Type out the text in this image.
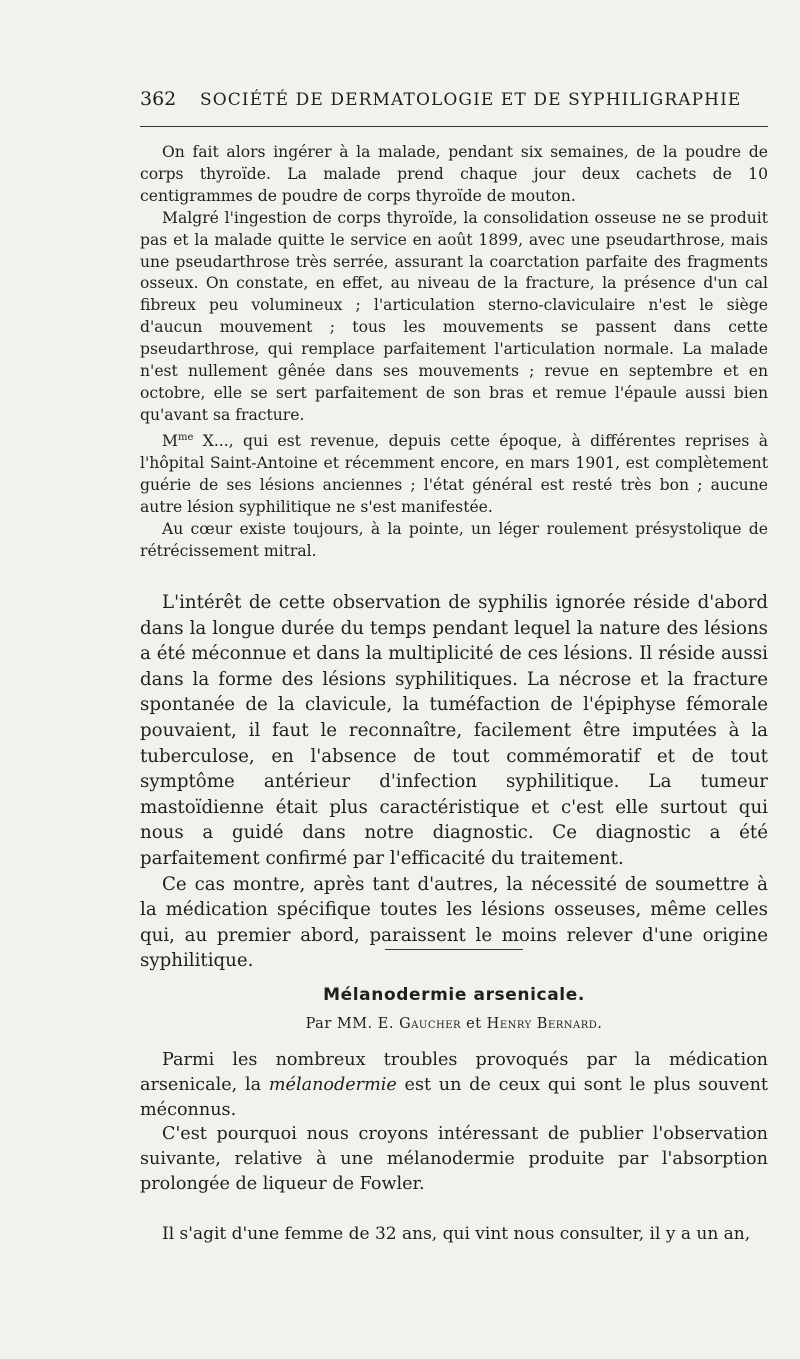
362	SOCIÉTÉ DE DERMATOLOGIE ET DE SYPHILIGRAPHIE

On fait alors ingérer à la malade, pendant six semaines, de la poudre de corps thyroïde. La malade prend chaque jour deux cachets de 10 centigrammes de poudre de corps thyroïde de mouton.

Malgré l'ingestion de corps thyroïde, la consolidation osseuse ne se produit pas et la malade quitte le service en août 1899, avec une pseudarthrose, mais une pseudarthrose très serrée, assurant la coarctation parfaite des fragments osseux. On constate, en effet, au niveau de la fracture, la présence d'un cal fibreux peu volumineux ; l'articulation sterno-claviculaire n'est le siège d'aucun mouvement ; tous les mouvements se passent dans cette pseudarthrose, qui remplace parfaitement l'articulation normale. La malade n'est nullement gênée dans ses mouvements ; revue en septembre et en octobre, elle se sert parfaitement de son bras et remue l'épaule aussi bien qu'avant sa fracture.

$M^{me}$ X..., qui est revenue, depuis cette époque, à différentes reprises à l'hôpital Saint-Antoine et récemment encore, en mars 1901, est complètement guérie de ses lésions anciennes ; l'état général est resté très bon ; aucune autre lésion syphilitique ne s'est manifestée.

Au cœur existe toujours, à la pointe, un léger roulement présystolique de rétrécissement mitral.

L'intérêt de cette observation de syphilis ignorée réside d'abord dans la longue durée du temps pendant lequel la nature des lésions a été méconnue et dans la multiplicité de ces lésions. Il réside aussi dans la forme des lésions syphilitiques. La nécrose et la fracture spontanée de la clavicule, la tuméfaction de l'épiphyse fémorale pouvaient, il faut le reconnaître, facilement être imputées à la tuberculose, en l'absence de tout commémoratif et de tout symptôme antérieur d'infection syphilitique. La tumeur mastoïdienne était plus caractéristique et c'est elle surtout qui nous a guidé dans notre diagnostic. Ce diagnostic a été parfaitement confirmé par l'efficacité du traitement.

Ce cas montre, après tant d'autres, la nécessité de soumettre à la médication spécifique toutes les lésions osseuses, même celles qui, au premier abord, paraissent le moins relever d'une origine syphilitique.

Mélanodermie arsenicale.
Par MM. E. Gaucher et Henry Bernard.

Parmi les nombreux troubles provoqués par la médication arsenicale, la mélanodermie est un de ceux qui sont le plus souvent méconnus.

C'est pourquoi nous croyons intéressant de publier l'observation suivante, relative à une mélanodermie produite par l'absorption prolongée de liqueur de Fowler.

Il s'agit d'une femme de 32 ans, qui vint nous consulter, il y a un an,
